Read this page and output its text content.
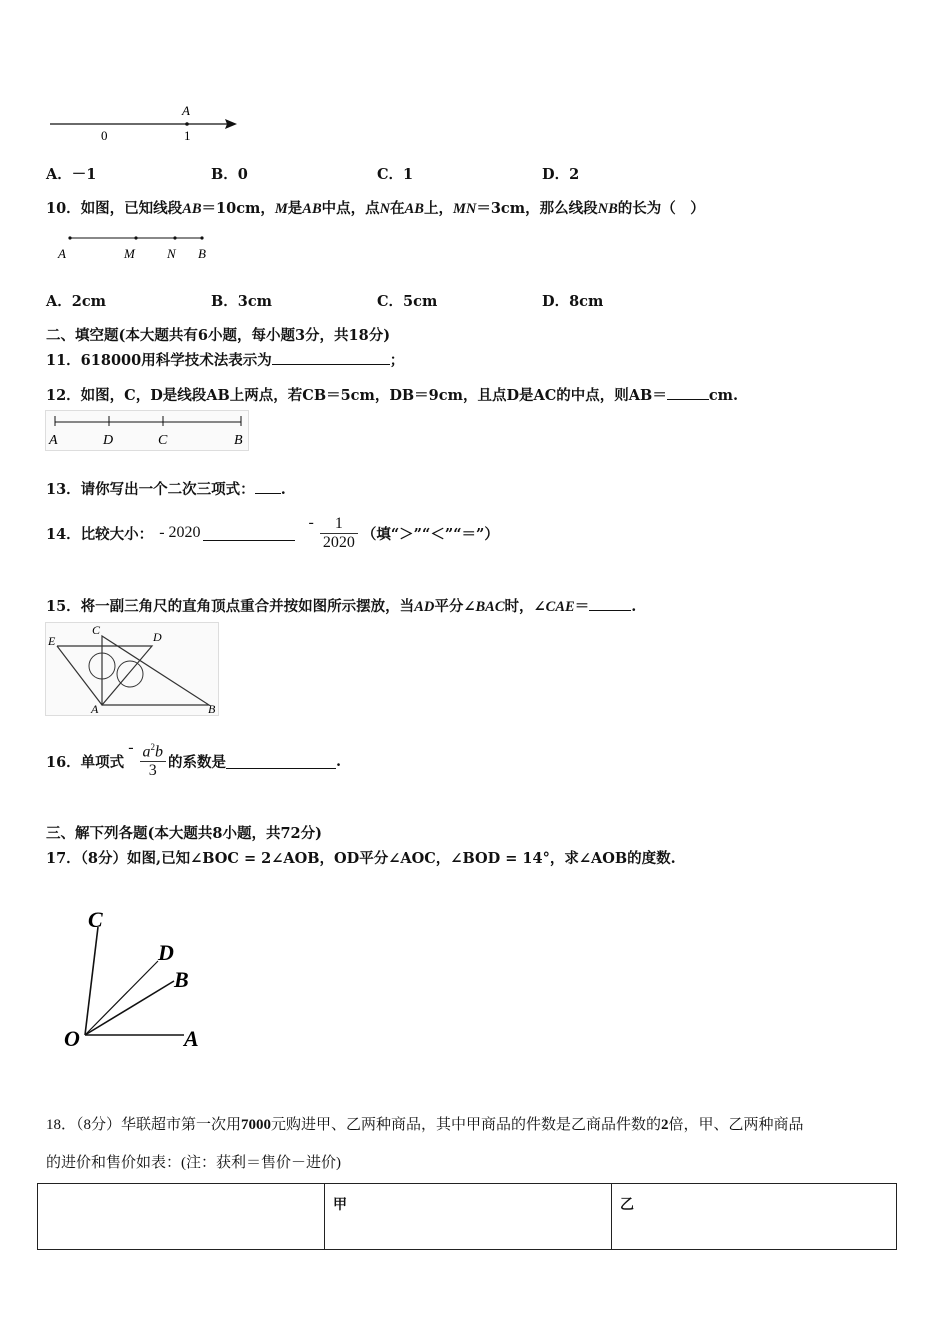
A
0	1
A．－1	B．0	C．1	D．2
10．如图，已知线段AB＝10cm，M是AB中点，点N在AB上，MN＝3cm，那么线段NB的长为（　）
A	M N B
A．2cm	B．3cm	C．5cm	D．8cm
二、填空题(本大题共有6小题，每小题3分，共18分)
11．618000用科学技术法表示为	；
12．如图，C，D是线段AB上两点，若CB＝5cm，DB＝9cm，且点D是AC的中点，则AB＝	cm.
A	D	C	B
13．请你写出一个二次三项式： .
14．比较大小： - 2020
- $\frac{1}{2020}$ （填“＞”“＜”“＝”）
15．将一副三角尺的直角顶点重合并按如图所示摆放，当AD平分∠BAC时，∠CAE＝	.
E
C	D
A	B
16．单项式
- $\frac{a^2b}{3}$ 的系数是	.
三、解下列各题(本大题共8小题，共72分)
17．（8分）如图,已知∠BOC = 2∠AOB，OD平分∠AOC，∠BOD = 14°，求∠AOB的度数.
C
D
B
O	A
18．（8分）华联超市第一次用7000元购进甲、乙两种商品，其中甲商品的件数是乙商品件数的2倍，甲、乙两种商品
的进价和售价如表：(注：获利＝售价－进价)
	甲	乙
